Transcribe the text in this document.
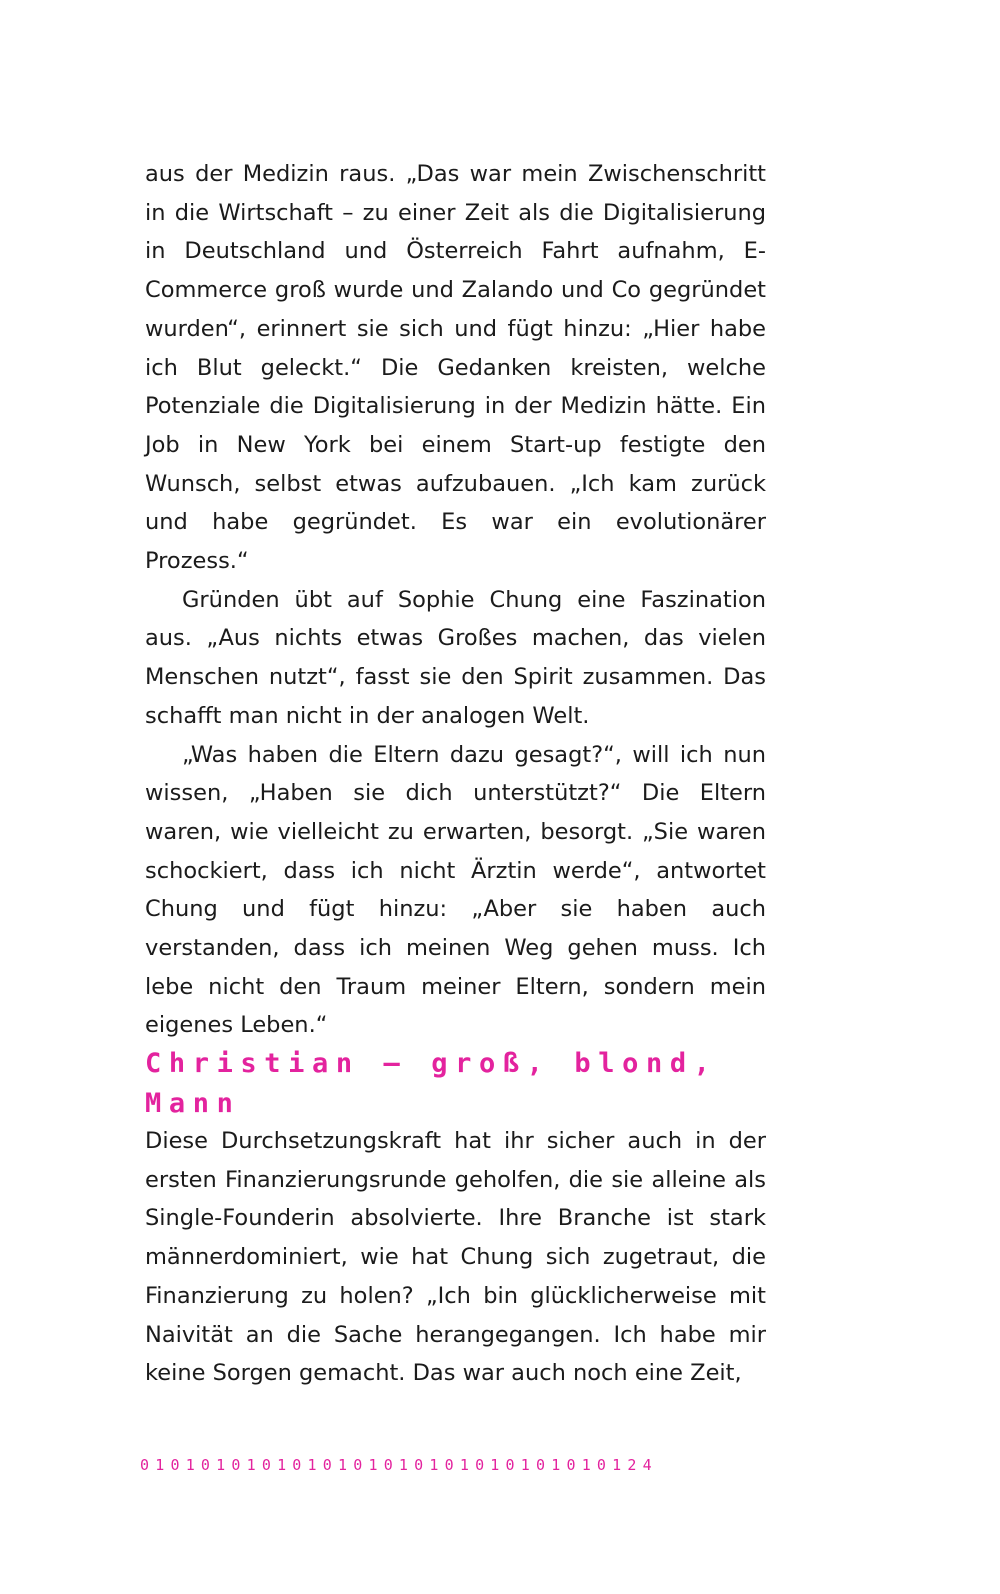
aus der Medizin raus. „Das war mein Zwischenschritt in die Wirtschaft – zu einer Zeit als die Digitalisierung in Deutschland und Österreich Fahrt aufnahm, E-Commerce groß wurde und Zalando und Co gegründet wurden“, erinnert sie sich und fügt hinzu: „Hier habe ich Blut geleckt.“ Die Gedanken kreisten, welche Potenziale die Digitalisierung in der Medizin hätte. Ein Job in New York bei einem Start-up festigte den Wunsch, selbst etwas aufzubauen. „Ich kam zurück und habe gegründet. Es war ein evolutionärer Prozess.“

Gründen übt auf Sophie Chung eine Faszination aus. „Aus nichts etwas Großes machen, das vielen Menschen nutzt“, fasst sie den Spirit zusammen. Das schafft man nicht in der analogen Welt.

„Was haben die Eltern dazu gesagt?“, will ich nun wissen, „Haben sie dich unterstützt?“ Die Eltern waren, wie vielleicht zu erwarten, besorgt. „Sie waren schockiert, dass ich nicht Ärztin werde“, antwortet Chung und fügt hinzu: „Aber sie haben auch verstanden, dass ich meinen Weg gehen muss. Ich lebe nicht den Traum meiner Eltern, sondern mein eigenes Leben.“

Christian – groß, blond, Mann

Diese Durchsetzungskraft hat ihr sicher auch in der ersten Finanzierungsrunde geholfen, die sie alleine als Single-Founderin absolvierte. Ihre Branche ist stark männerdominiert, wie hat Chung sich zugetraut, die Finanzierung zu holen? „Ich bin glücklicherweise mit Naivität an die Sache herangegangen. Ich habe mir keine Sorgen gemacht. Das war auch noch eine Zeit,

0101010101010101010101010101010124
